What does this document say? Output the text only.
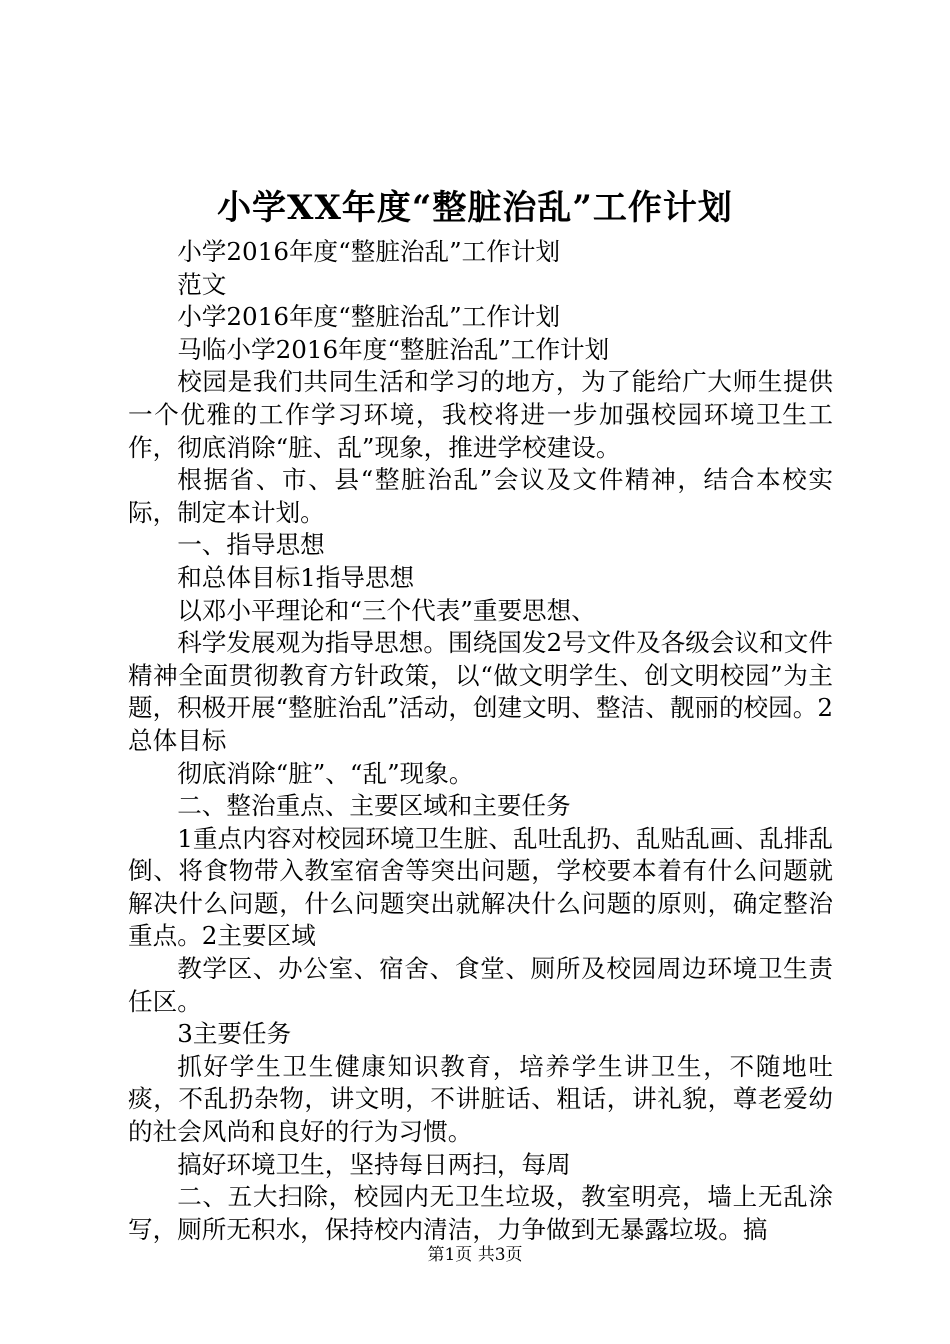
小学XX年度“整脏治乱”工作计划

小学2016年度“整脏治乱”工作计划

范文

小学2016年度“整脏治乱”工作计划

马临小学2016年度“整脏治乱”工作计划

校园是我们共同生活和学习的地方，为了能给广大师生提供一个优雅的工作学习环境，我校将进一步加强校园环境卫生工作，彻底消除“脏、乱”现象，推进学校建设。

根据省、市、县“整脏治乱”会议及文件精神，结合本校实际，制定本计划。

一、指导思想

和总体目标1指导思想

以邓小平理论和“三个代表”重要思想、

科学发展观为指导思想。围绕国发2号文件及各级会议和文件精神全面贯彻教育方针政策，以“做文明学生、创文明校园”为主题，积极开展“整脏治乱”活动，创建文明、整洁、靓丽的校园。2总体目标

彻底消除“脏”、“乱”现象。

二、整治重点、主要区域和主要任务

1重点内容对校园环境卫生脏、乱吐乱扔、乱贴乱画、乱排乱倒、将食物带入教室宿舍等突出问题，学校要本着有什么问题就解决什么问题，什么问题突出就解决什么问题的原则，确定整治重点。2主要区域

教学区、办公室、宿舍、食堂、厕所及校园周边环境卫生责任区。

3主要任务

抓好学生卫生健康知识教育，培养学生讲卫生，不随地吐痰，不乱扔杂物，讲文明，不讲脏话、粗话，讲礼貌，尊老爱幼的社会风尚和良好的行为习惯。

搞好环境卫生，坚持每日两扫，每周

二、五大扫除，校园内无卫生垃圾，教室明亮，墙上无乱涂写，厕所无积水，保持校内清洁，力争做到无暴露垃圾。搞

第1页 共3页
